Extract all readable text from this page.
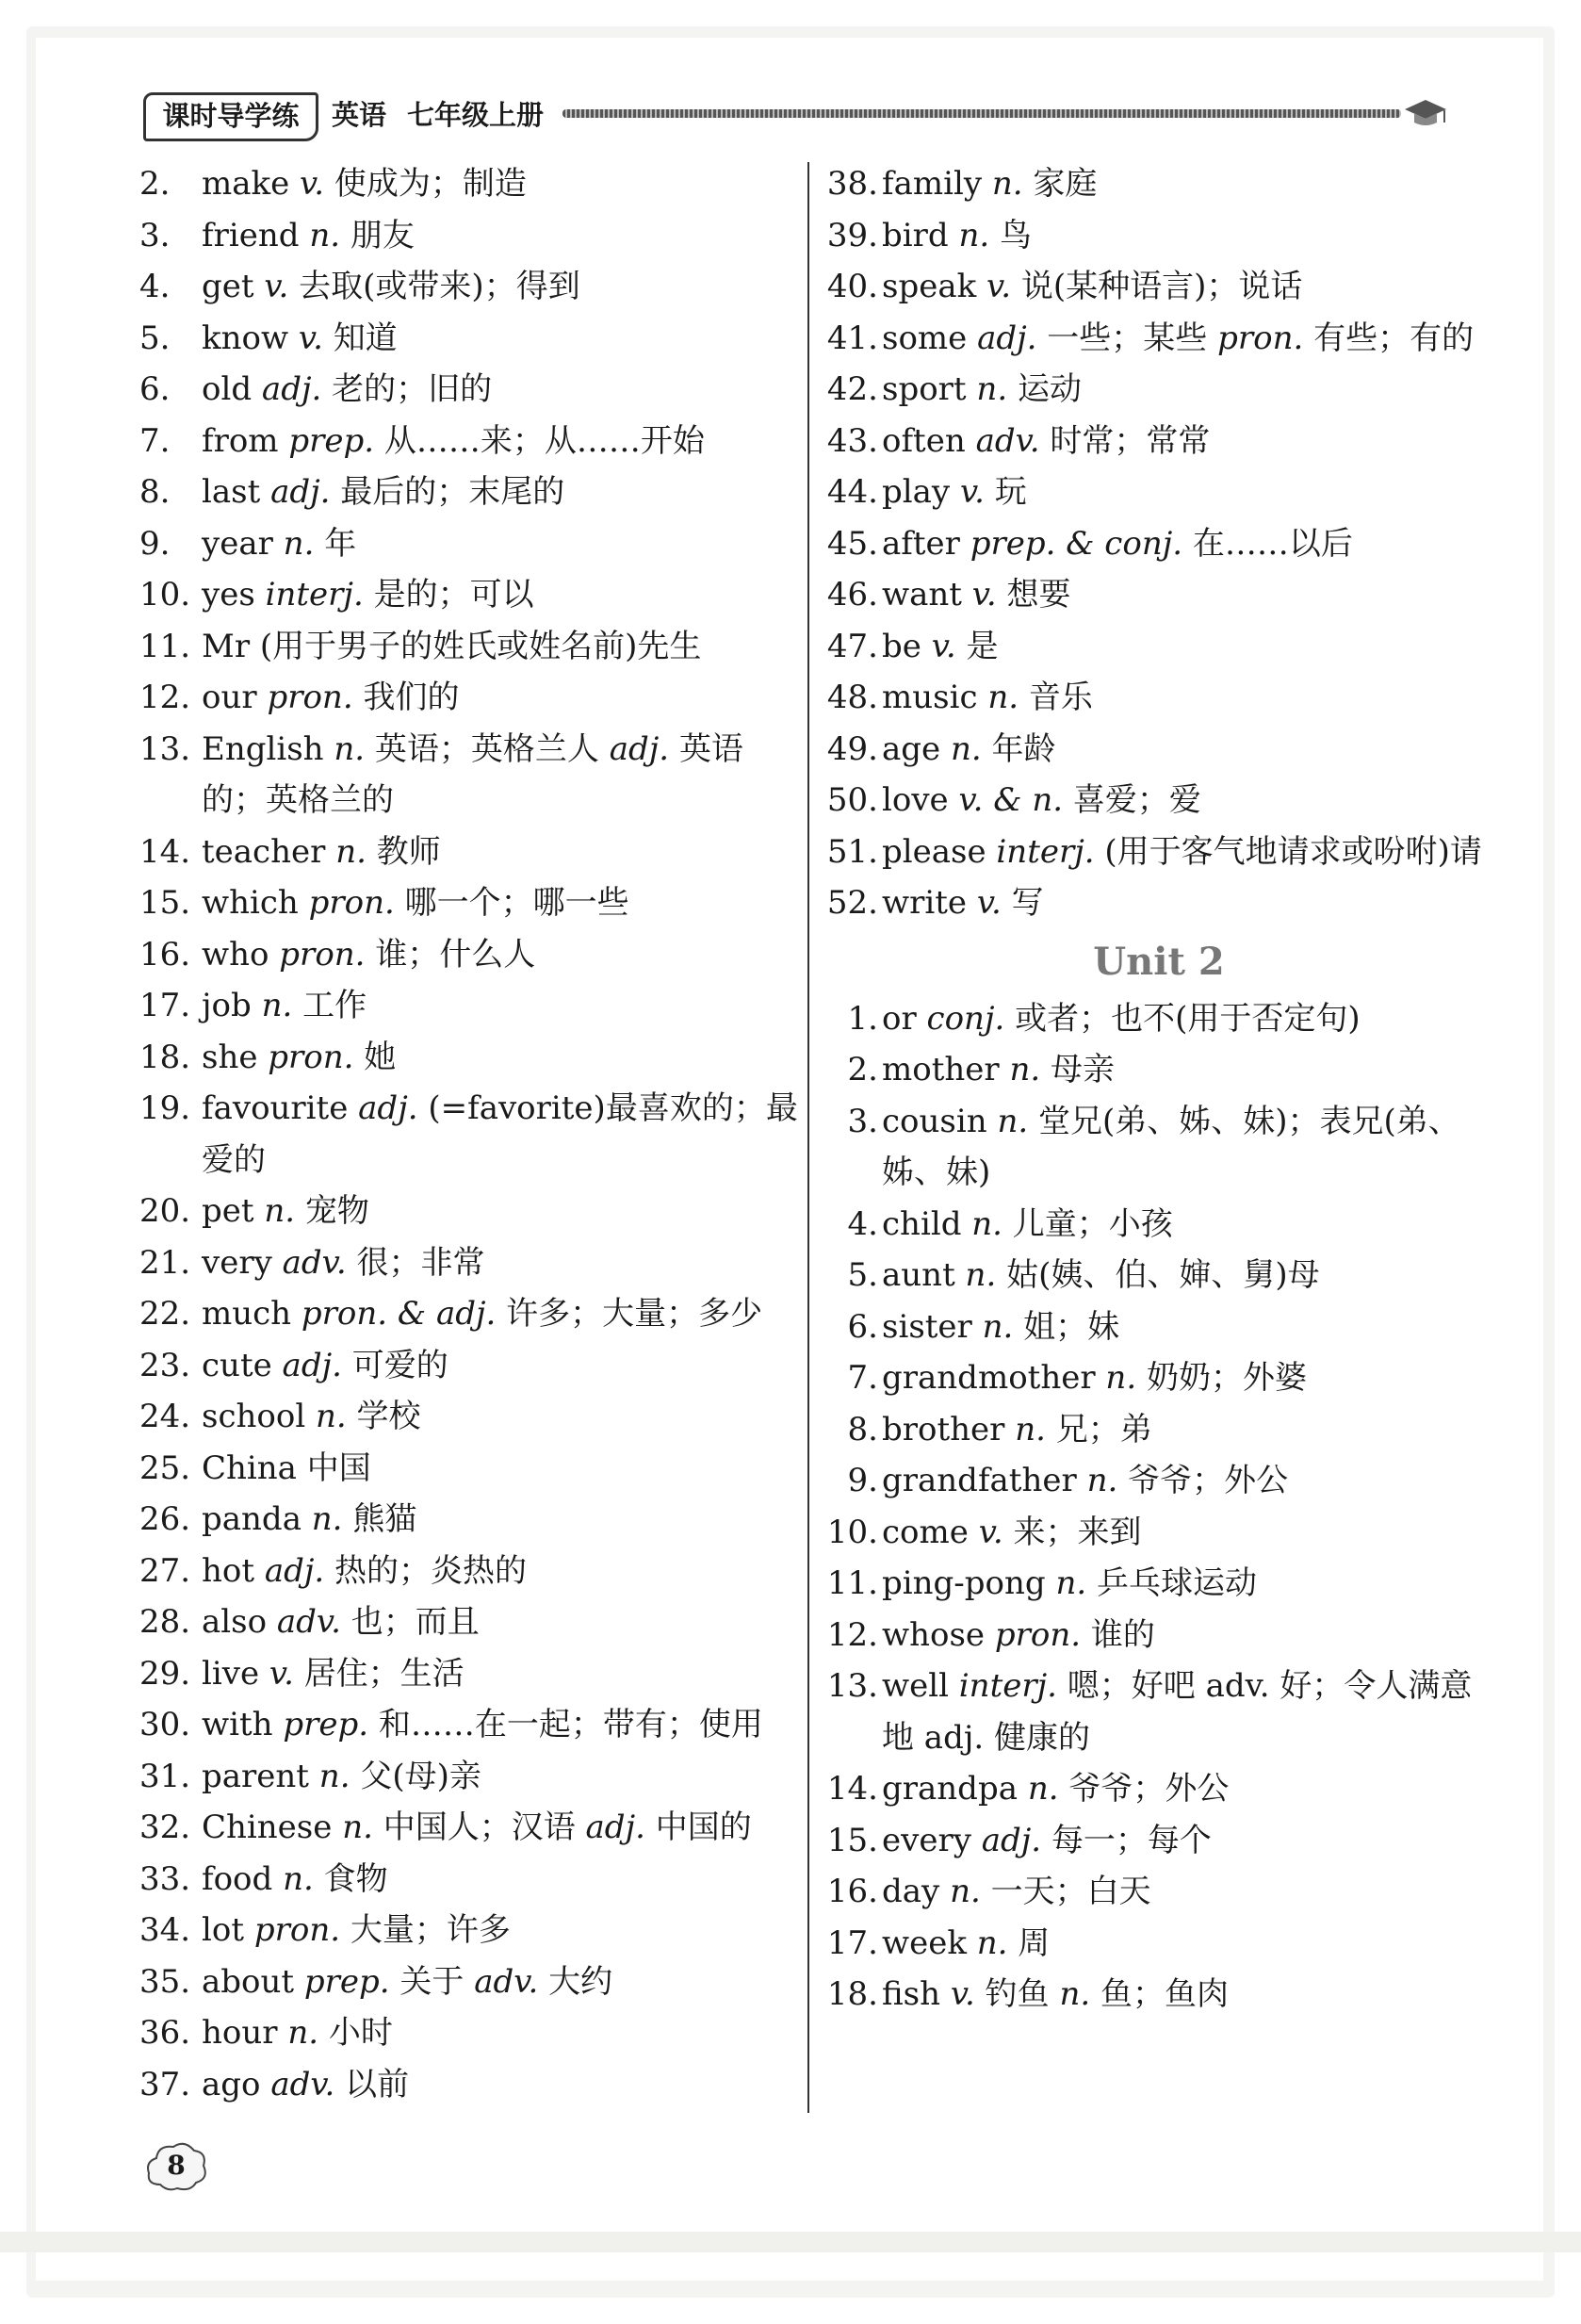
课时导学练	英语 七年级上册
2. make v. 使成为；制造
3. friend n. 朋友
4. get v. 去取(或带来)；得到
5. know v. 知道
6. old adj. 老的；旧的
7. from prep. 从……来；从……开始
8. last adj. 最后的；末尾的
9. year n. 年
10. yes interj. 是的；可以
11. Mr (用于男子的姓氏或姓名前)先生
12. our pron. 我们的
13. English n. 英语；英格兰人 adj. 英语的；英格兰的
14. teacher n. 教师
15. which pron. 哪一个；哪一些
16. who pron. 谁；什么人
17. job n. 工作
18. she pron. 她
19. favourite adj. (=favorite)最喜欢的；最爱的
20. pet n. 宠物
21. very adv. 很；非常
22. much pron. & adj. 许多；大量；多少
23. cute adj. 可爱的
24. school n. 学校
25. China 中国
26. panda n. 熊猫
27. hot adj. 热的；炎热的
28. also adv. 也；而且
29. live v. 居住；生活
30. with prep. 和……在一起；带有；使用
31. parent n. 父(母)亲
32. Chinese n. 中国人；汉语 adj. 中国的
33. food n. 食物
34. lot pron. 大量；许多
35. about prep. 关于 adv. 大约
36. hour n. 小时
37. ago adv. 以前
38. family n. 家庭
39. bird n. 鸟
40. speak v. 说(某种语言)；说话
41. some adj. 一些；某些 pron. 有些；有的
42. sport n. 运动
43. often adv. 时常；常常
44. play v. 玩
45. after prep. & conj. 在……以后
46. want v. 想要
47. be v. 是
48. music n. 音乐
49. age n. 年龄
50. love v. & n. 喜爱；爱
51. please interj. (用于客气地请求或吩咐)请
52. write v. 写
Unit 2
1. or conj. 或者；也不(用于否定句)
2. mother n. 母亲
3. cousin n. 堂兄(弟、姊、妹)；表兄(弟、姊、妹)
4. child n. 儿童；小孩
5. aunt n. 姑(姨、伯、婶、舅)母
6. sister n. 姐；妹
7. grandmother n. 奶奶；外婆
8. brother n. 兄；弟
9. grandfather n. 爷爷；外公
10. come v. 来；来到
11. ping-pong n. 乒乓球运动
12. whose pron. 谁的
13. well interj. 嗯；好吧 adv. 好；令人满意地 adj. 健康的
14. grandpa n. 爷爷；外公
15. every adj. 每一；每个
16. day n. 一天；白天
17. week n. 周
18. fish v. 钓鱼 n. 鱼；鱼肉
8
